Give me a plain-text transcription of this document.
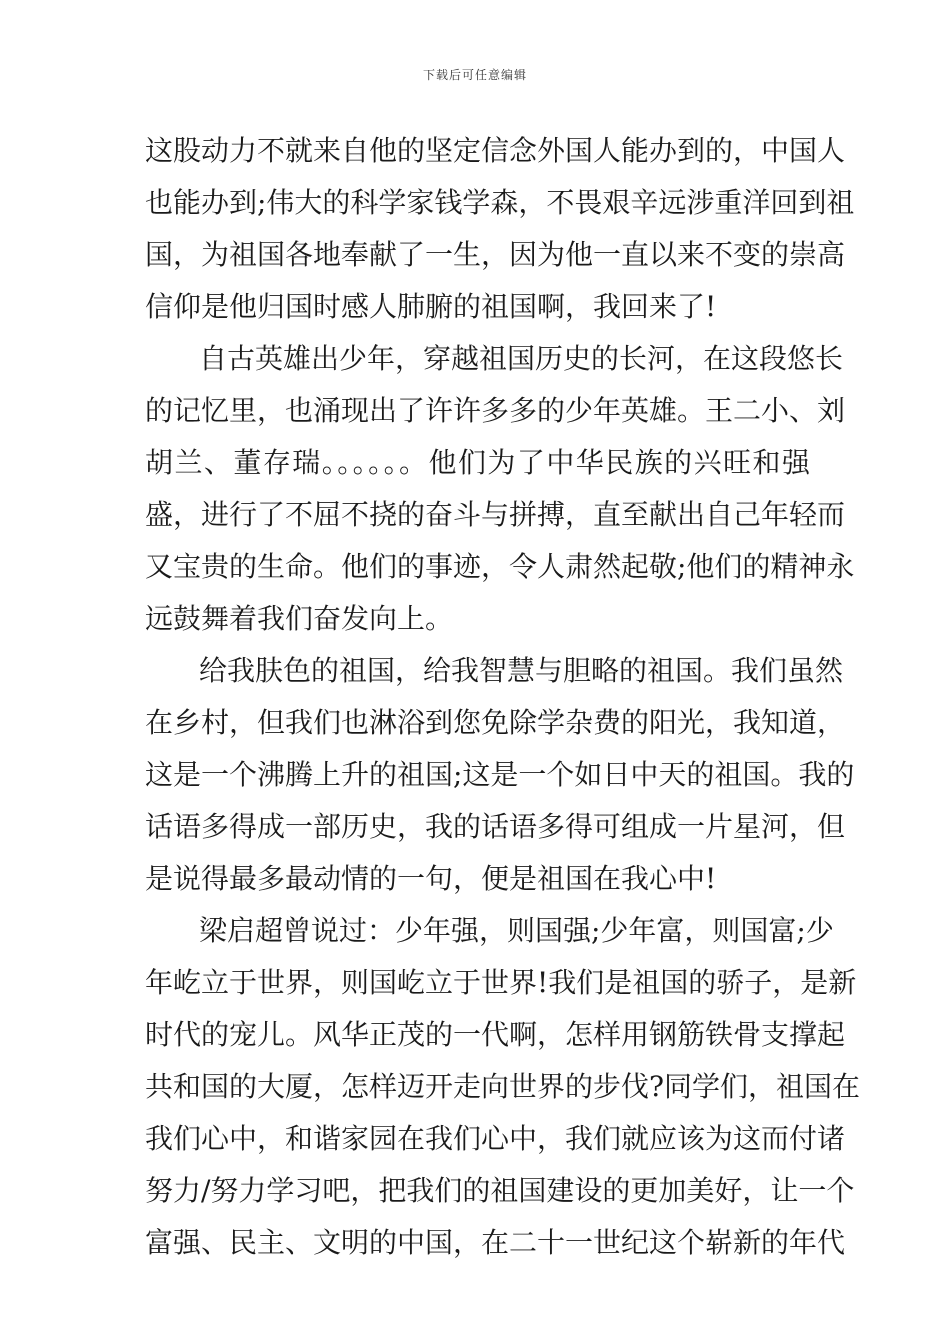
下载后可任意编辑
这股动力不就来自他的坚定信念外国人能办到的，中国人
也能办到;伟大的科学家钱学森，不畏艰辛远涉重洋回到祖
国，为祖国各地奉献了一生，因为他一直以来不变的崇高
信仰是他归国时感人肺腑的祖国啊，我回来了!
自古英雄出少年，穿越祖国历史的长河，在这段悠长
的记忆里，也涌现出了许许多多的少年英雄。王二小、刘
胡兰、董存瑞。。。。。。他们为了中华民族的兴旺和强
盛，进行了不屈不挠的奋斗与拼搏，直至献出自己年轻而
又宝贵的生命。他们的事迹，令人肃然起敬;他们的精神永
远鼓舞着我们奋发向上。
给我肤色的祖国，给我智慧与胆略的祖国。我们虽然
在乡村，但我们也淋浴到您免除学杂费的阳光，我知道，
这是一个沸腾上升的祖国;这是一个如日中天的祖国。我的
话语多得成一部历史，我的话语多得可组成一片星河，但
是说得最多最动情的一句，便是祖国在我心中!
梁启超曾说过：少年强，则国强;少年富，则国富;少
年屹立于世界，则国屹立于世界!我们是祖国的骄子，是新
时代的宠儿。风华正茂的一代啊，怎样用钢筋铁骨支撑起
共和国的大厦，怎样迈开走向世界的步伐?同学们，祖国在
我们心中，和谐家园在我们心中，我们就应该为这而付诸
努力/努力学习吧，把我们的祖国建设的更加美好，让一个
富强、民主、文明的中国，在二十一世纪这个崭新的年代
